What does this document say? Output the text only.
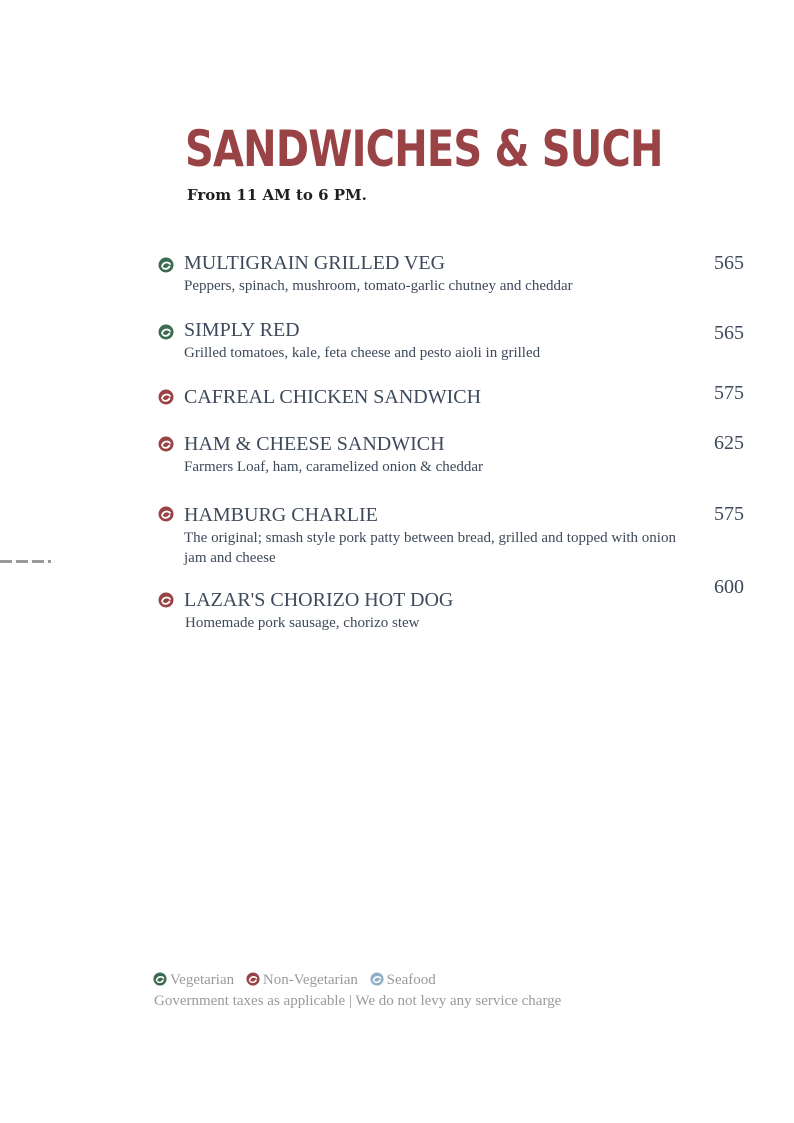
SANDWICHES & SUCH
From 11 AM to 6 PM.
MULTIGRAIN GRILLED VEG
Peppers, spinach, mushroom, tomato-garlic chutney and cheddar
565
SIMPLY RED
Grilled tomatoes, kale, feta cheese and pesto aioli in grilled
565
CAFREAL CHICKEN SANDWICH	575
HAM & CHEESE SANDWICH
Farmers Loaf, ham, caramelized onion & cheddar
625
HAMBURG CHARLIE
The original; smash style pork patty between bread, grilled and topped with onion jam and cheese
575
LAZAR'S CHORIZO HOT DOG
Homemade pork sausage, chorizo stew
600
Vegetarian Non-Vegetarian Seafood
Government taxes as applicable | We do not levy any service charge
